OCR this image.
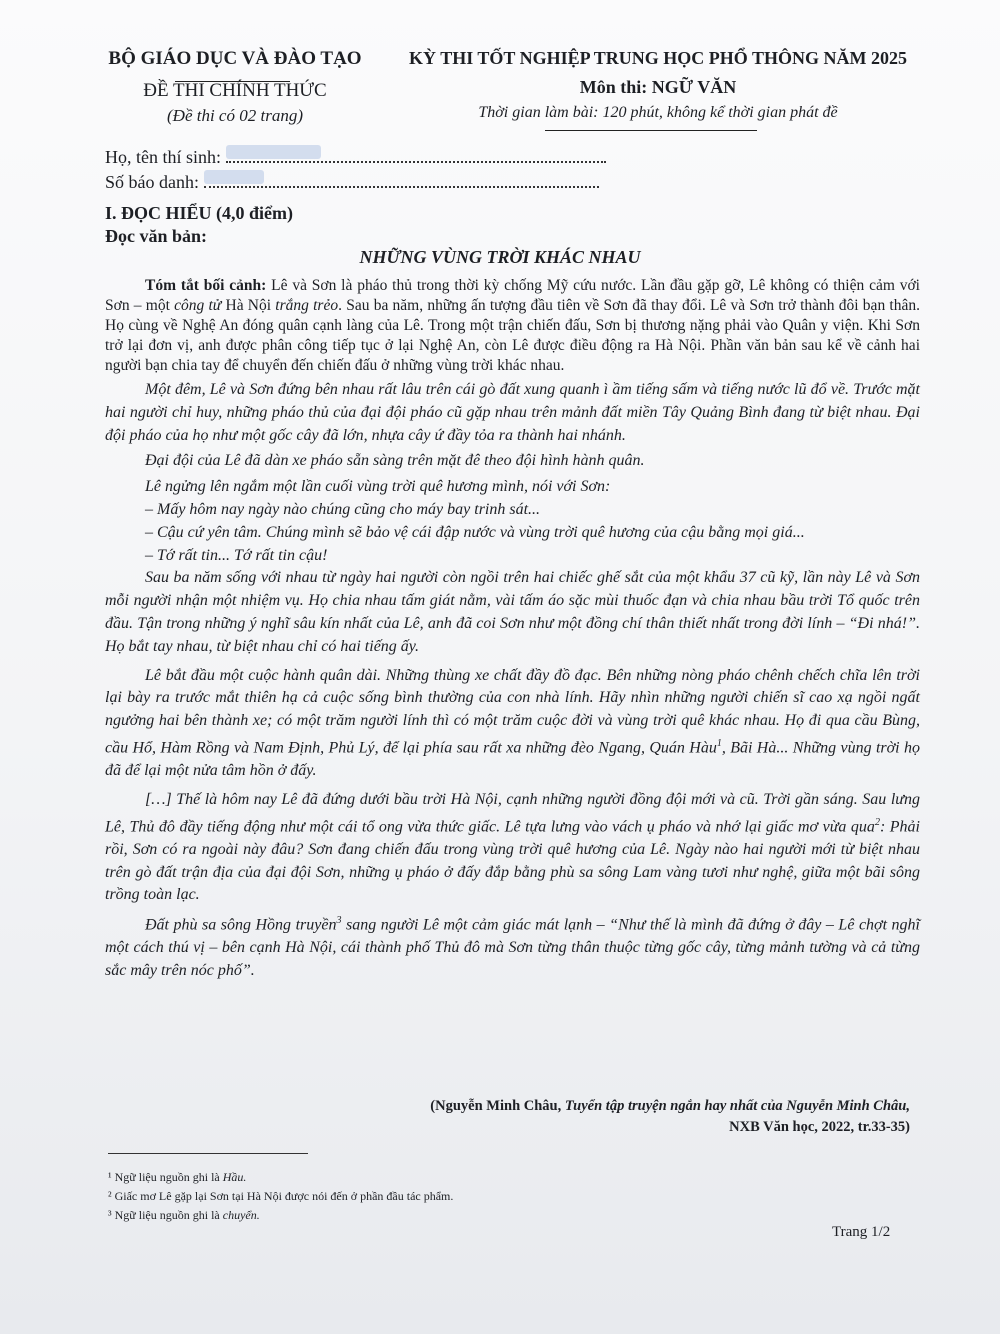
BỘ GIÁO DỤC VÀ ĐÀO TẠO
ĐỀ THI CHÍNH THỨC
(Đề thi có 02 trang)
KỲ THI TỐT NGHIỆP TRUNG HỌC PHỔ THÔNG NĂM 2025
Môn thi: NGỮ VĂN
Thời gian làm bài: 120 phút, không kể thời gian phát đề
Họ, tên thí sinh:
Số báo danh:
I. ĐỌC HIỂU (4,0 điểm)
Đọc văn bản:
NHỮNG VÙNG TRỜI KHÁC NHAU

Tóm tắt bối cảnh: Lê và Sơn là pháo thủ trong thời kỳ chống Mỹ cứu nước. Lần đầu gặp gỡ, Lê không có thiện cảm với Sơn – một công tử Hà Nội trắng trẻo. Sau ba năm, những ấn tượng đầu tiên về Sơn đã thay đổi. Lê và Sơn trở thành đôi bạn thân. Họ cùng về Nghệ An đóng quân cạnh làng của Lê. Trong một trận chiến đấu, Sơn bị thương nặng phải vào Quân y viện. Khi Sơn trở lại đơn vị, anh được phân công tiếp tục ở lại Nghệ An, còn Lê được điều động ra Hà Nội. Phần văn bản sau kể về cảnh hai người bạn chia tay để chuyển đến chiến đấu ở những vùng trời khác nhau.

Một đêm, Lê và Sơn đứng bên nhau rất lâu trên cái gò đất xung quanh ì ầm tiếng sấm và tiếng nước lũ đổ về. Trước mặt hai người chỉ huy, những pháo thủ của đại đội pháo cũ gặp nhau trên mảnh đất miền Tây Quảng Bình đang từ biệt nhau. Đại đội pháo của họ như một gốc cây đã lớn, nhựa cây ứ đầy tỏa ra thành hai nhánh.

Đại đội của Lê đã dàn xe pháo sẵn sàng trên mặt đê theo đội hình hành quân.

Lê ngửng lên ngắm một lần cuối vùng trời quê hương mình, nói với Sơn:

– Mấy hôm nay ngày nào chúng cũng cho máy bay trinh sát...

– Cậu cứ yên tâm. Chúng mình sẽ bảo vệ cái đập nước và vùng trời quê hương của cậu bằng mọi giá...

– Tớ rất tin... Tớ rất tin cậu!

Sau ba năm sống với nhau từ ngày hai người còn ngồi trên hai chiếc ghế sắt của một khẩu 37 cũ kỹ, lần này Lê và Sơn mỗi người nhận một nhiệm vụ. Họ chia nhau tấm giát nằm, vài tấm áo sặc mùi thuốc đạn và chia nhau bầu trời Tổ quốc trên đầu. Tận trong những ý nghĩ sâu kín nhất của Lê, anh đã coi Sơn như một đồng chí thân thiết nhất trong đời lính – “Đi nhá!”. Họ bắt tay nhau, từ biệt nhau chỉ có hai tiếng ấy.

Lê bắt đầu một cuộc hành quân dài. Những thùng xe chất đầy đồ đạc. Bên những nòng pháo chênh chếch chĩa lên trời lại bày ra trước mắt thiên hạ cả cuộc sống bình thường của con nhà lính. Hãy nhìn những người chiến sĩ cao xạ ngồi ngất ngưởng hai bên thành xe; có một trăm người lính thì có một trăm cuộc đời và vùng trời quê khác nhau. Họ đi qua cầu Bùng, cầu Hổ, Hàm Rồng và Nam Định, Phủ Lý, để lại phía sau rất xa những đèo Ngang, Quán Hàu$^1$, Bãi Hà... Những vùng trời họ đã để lại một nửa tâm hồn ở đấy.

[…] Thế là hôm nay Lê đã đứng dưới bầu trời Hà Nội, cạnh những người đồng đội mới và cũ. Trời gần sáng. Sau lưng Lê, Thủ đô đầy tiếng động như một cái tổ ong vừa thức giấc. Lê tựa lưng vào vách ụ pháo và nhớ lại giấc mơ vừa qua$^2$: Phải rồi, Sơn có ra ngoài này đâu? Sơn đang chiến đấu trong vùng trời quê hương của Lê. Ngày nào hai người mới từ biệt nhau trên gò đất trận địa của đại đội Sơn, những ụ pháo ở đấy đắp bằng phù sa sông Lam vàng tươi như nghệ, giữa một bãi sông trồng toàn lạc.

Đất phù sa sông Hồng truyền$^3$ sang người Lê một cảm giác mát lạnh – “Như thế là mình đã đứng ở đây – Lê chợt nghĩ một cách thú vị – bên cạnh Hà Nội, cái thành phố Thủ đô mà Sơn từng thân thuộc từng gốc cây, từng mảnh tường và cả từng sắc mây trên nóc phố”.

(Nguyễn Minh Châu, Tuyển tập truyện ngắn hay nhất của Nguyễn Minh Châu,
NXB Văn học, 2022, tr.33-35)
¹ Ngữ liệu nguồn ghi là Hầu.
² Giấc mơ Lê gặp lại Sơn tại Hà Nội được nói đến ở phần đầu tác phẩm.
³ Ngữ liệu nguồn ghi là chuyển.
Trang 1/2
